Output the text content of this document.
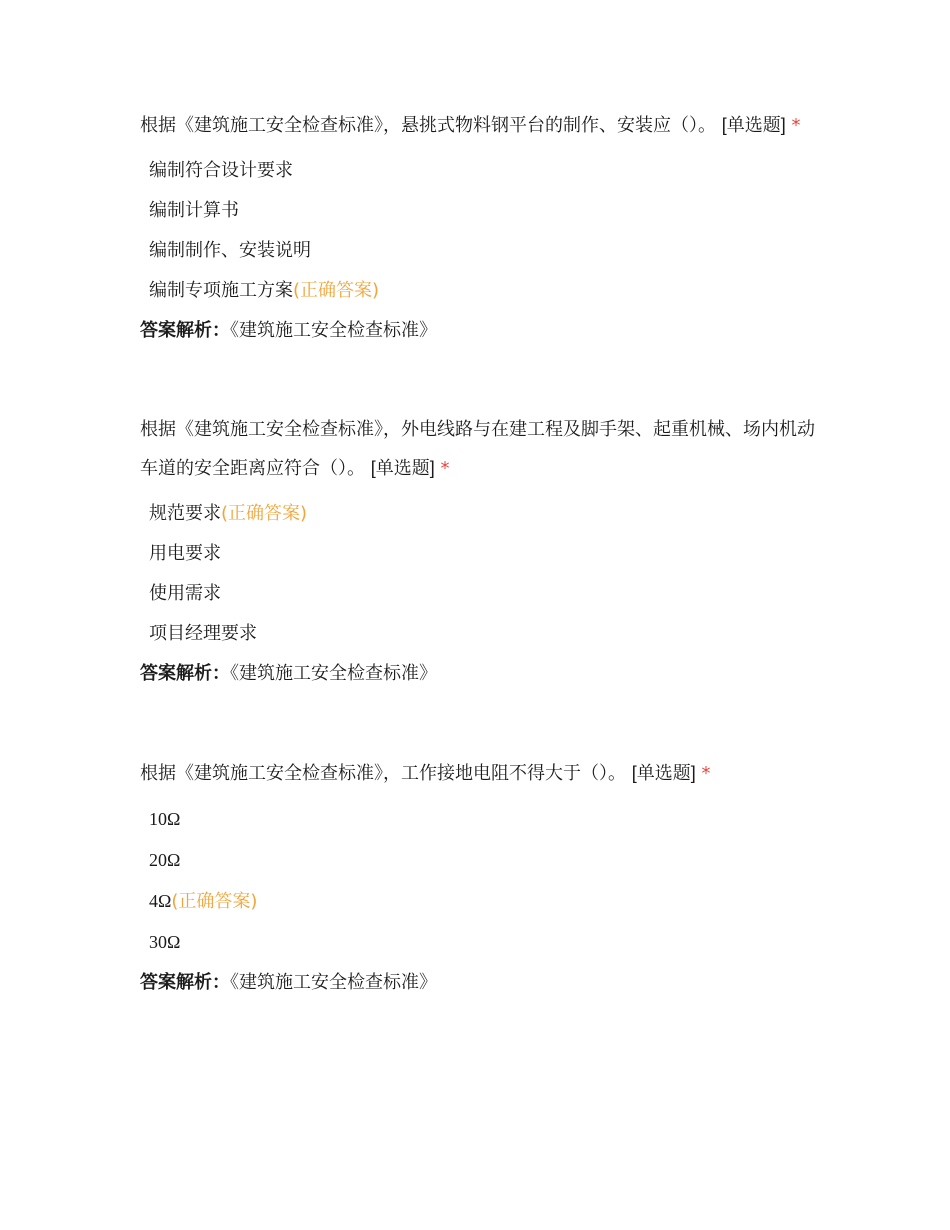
根据《建筑施工安全检查标准》，悬挑式物料钢平台的制作、安装应（）。 [单选题] *

编制符合设计要求
编制计算书
编制制作、安装说明
编制专项施工方案(正确答案)
答案解析：《建筑施工安全检查标准》

根据《建筑施工安全检查标准》，外电线路与在建工程及脚手架、起重机械、场内机动车道的安全距离应符合（）。 [单选题] *

规范要求(正确答案)
用电要求
使用需求
项目经理要求
答案解析：《建筑施工安全检查标准》

根据《建筑施工安全检查标准》，工作接地电阻不得大于（）。 [单选题] *

10Ω
20Ω
4Ω(正确答案)
30Ω
答案解析：《建筑施工安全检查标准》
